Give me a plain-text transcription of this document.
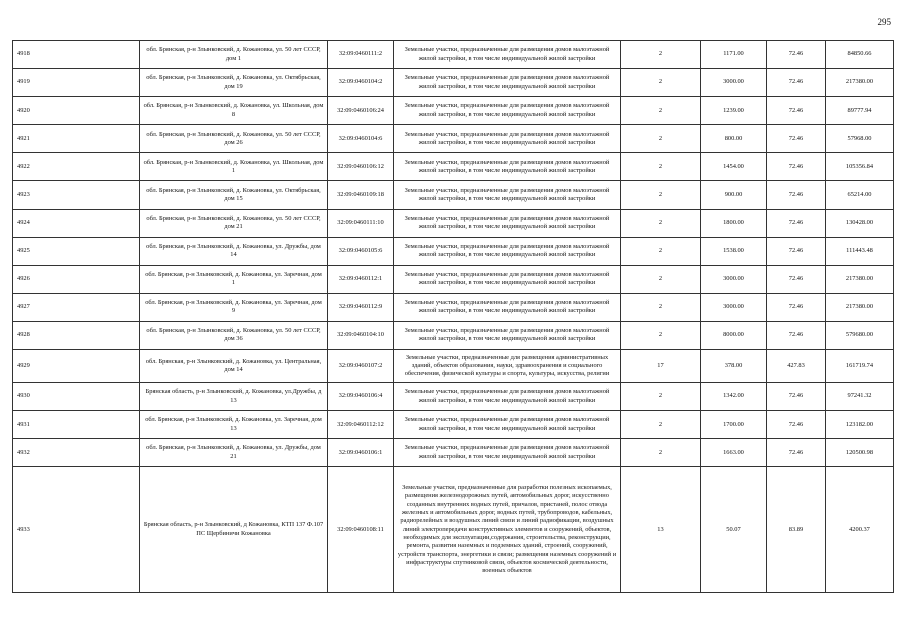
295
4918	обл. Брянская, р-н Злынковский, д. Кожановка, ул. 50 лет СССР, дом 1	32:09:0460111:2	Земельные участки, предназначенные для размещения домов малоэтажной жилой застройки, в том числе индивидуальной жилой застройки	2	1171.00	72.46	84850.66
4919	обл. Брянская, р-н Злынковский, д. Кожановка, ул. Октябрьская, дом 19	32:09:0460104:2	Земельные участки, предназначенные для размещения домов малоэтажной жилой застройки, в том числе индивидуальной жилой застройки	2	3000.00	72.46	217380.00
4920	обл. Брянская, р-н Злынковский, д. Кожановка, ул. Школьная, дом 8	32:09:0460106:24	Земельные участки, предназначенные для размещения домов малоэтажной жилой застройки, в том числе индивидуальной жилой застройки	2	1239.00	72.46	89777.94
4921	обл. Брянская, р-н Злынковский, д. Кожановка, ул. 50 лет СССР, дом 26	32:09:0460104:6	Земельные участки, предназначенные для размещения домов малоэтажной жилой застройки, в том числе индивидуальной жилой застройки	2	800.00	72.46	57968.00
4922	обл. Брянская, р-н Злынковский, д. Кожановка, ул. Школьная, дом 1	32:09:0460106:12	Земельные участки, предназначенные для размещения домов малоэтажной жилой застройки, в том числе индивидуальной жилой застройки	2	1454.00	72.46	105356.84
4923	обл. Брянская, р-н Злынковский, д. Кожановка, ул. Октябрьская, дом 15	32:09:0460109:18	Земельные участки, предназначенные для размещения домов малоэтажной жилой застройки, в том числе индивидуальной жилой застройки	2	900.00	72.46	65214.00
4924	обл. Брянская, р-н Злынковский, д. Кожановка, ул. 50 лет СССР, дом 21	32:09:0460111:10	Земельные участки, предназначенные для размещения домов малоэтажной жилой застройки, в том числе индивидуальной жилой застройки	2	1800.00	72.46	130428.00
4925	обл. Брянская, р-н Злынковский, д. Кожановка, ул. Дружбы, дом 14	32:09:0460105:6	Земельные участки, предназначенные для размещения домов малоэтажной жилой застройки, в том числе индивидуальной жилой застройки	2	1538.00	72.46	111443.48
4926	обл. Брянская, р-н Злынковский, д. Кожановка, ул. Заречная, дом 1	32:09:0460112:1	Земельные участки, предназначенные для размещения домов малоэтажной жилой застройки, в том числе индивидуальной жилой застройки	2	3000.00	72.46	217380.00
4927	обл. Брянская, р-н Злынковский, д. Кожановка, ул. Заречная, дом 9	32:09:0460112:9	Земельные участки, предназначенные для размещения домов малоэтажной жилой застройки, в том числе индивидуальной жилой застройки	2	3000.00	72.46	217380.00
4928	обл. Брянская, р-н Злынковский, д. Кожановка, ул. 50 лет СССР, дом 36	32:09:0460104:10	Земельные участки, предназначенные для размещения домов малоэтажной жилой застройки, в том числе индивидуальной жилой застройки	2	8000.00	72.46	579680.00
4929	обл. Брянская, р-н Злынковский, д. Кожановка, ул. Центральная, дом 14	32:09:0460107:2	Земельные участки, предназначенные для размещения административных зданий, объектов образования, науки, здравоохранения и социального обеспечения, физической культуры и спорта, культуры, искусства, религии	17	378.00	427.83	161719.74
4930	Брянская область, р-н Злынковский, д. Кожановка, ул.Дружбы, д 13	32:09:0460106:4	Земельные участки, предназначенные для размещения домов малоэтажной жилой застройки, в том числе индивидуальной жилой застройки	2	1342.00	72.46	97241.32
4931	обл. Брянская, р-н Злынковский, д. Кожановка, ул. Заречная, дом 13	32:09:0460112:12	Земельные участки, предназначенные для размещения домов малоэтажной жилой застройки, в том числе индивидуальной жилой застройки	2	1700.00	72.46	123182.00
4932	обл. Брянская, р-н Злынковский, д. Кожановка, ул. Дружбы, дом 21	32:09:0460106:1	Земельные участки, предназначенные для размещения домов малоэтажной жилой застройки, в том числе индивидуальной жилой застройки	2	1663.00	72.46	120500.98
4933	Брянская область, р-н Злынковский, д Кожановка, КТП 137 Ф.107 ПС Щербиничи Кожановка	32:09:0460108:11	Земельные участки, предназначенные для разработки полезных ископаемых, размещения железнодорожных путей, автомобильных дорог, искусственно созданных внутренних водных путей, причалов, пристаней, полос отвода железных и автомобильных дорог, водных путей, трубопроводов, кабельных, радиорелейных и воздушных линий связи и линий радиофикации, воздушных линий электропередачи конструктивных элементов и сооружений, объектов, необходимых для эксплуатации,содержания, строительства, реконструкции, ремонта, развития наземных и подземных зданий, строений, сооружений, устройств транспорта, энергетики и связи; размещения наземных сооружений и инфраструктуры спутниковой связи, объектов космической деятельности, военных объектов	13	50.07	83.89	4200.37
